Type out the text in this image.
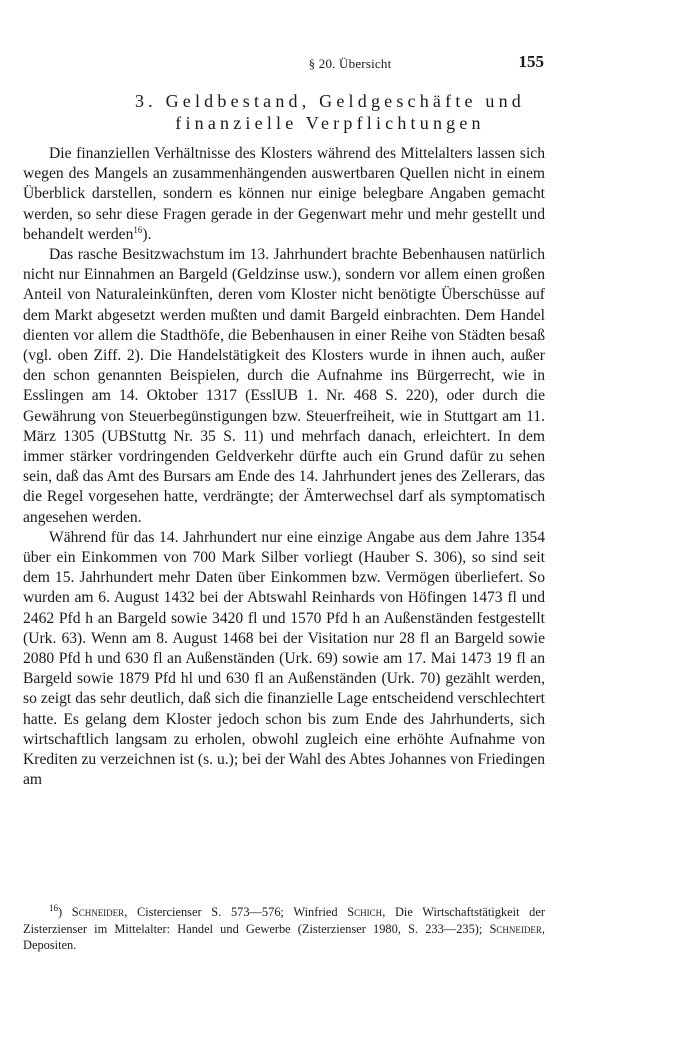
§ 20. Übersicht	155
3. Geldbestand, Geldgeschäfte und
finanzielle Verpflichtungen

Die finanziellen Verhältnisse des Klosters während des Mittelalters lassen sich wegen des Mangels an zusammenhängenden auswertbaren Quellen nicht in einem Überblick darstellen, sondern es können nur einige belegbare Angaben gemacht werden, so sehr diese Fragen gerade in der Gegenwart mehr und mehr gestellt und behandelt werden$^{16}$).

Das rasche Besitzwachstum im 13. Jahrhundert brachte Bebenhausen natürlich nicht nur Einnahmen an Bargeld (Geldzinse usw.), sondern vor allem einen großen Anteil von Naturaleinkünften, deren vom Kloster nicht benötigte Überschüsse auf dem Markt abgesetzt werden mußten und damit Bargeld einbrachten. Dem Handel dienten vor allem die Stadthöfe, die Bebenhausen in einer Reihe von Städten besaß (vgl. oben Ziff. 2). Die Handelstätigkeit des Klosters wurde in ihnen auch, außer den schon genannten Beispielen, durch die Aufnahme ins Bürgerrecht, wie in Esslingen am 14. Oktober 1317 (EsslUB 1. Nr. 468 S. 220), oder durch die Gewährung von Steuerbegünstigungen bzw. Steuerfreiheit, wie in Stuttgart am 11. März 1305 (UBStuttg Nr. 35 S. 11) und mehrfach danach, erleichtert. In dem immer stärker vordringenden Geldverkehr dürfte auch ein Grund dafür zu sehen sein, daß das Amt des Bursars am Ende des 14. Jahrhundert jenes des Zellerars, das die Regel vorgesehen hatte, verdrängte; der Ämterwechsel darf als symptomatisch angesehen werden.

Während für das 14. Jahrhundert nur eine einzige Angabe aus dem Jahre 1354 über ein Einkommen von 700 Mark Silber vorliegt (Hauber S. 306), so sind seit dem 15. Jahrhundert mehr Daten über Einkommen bzw. Vermögen überliefert. So wurden am 6. August 1432 bei der Abtswahl Reinhards von Höfingen 1473 fl und 2462 Pfd h an Bargeld sowie 3420 fl und 1570 Pfd h an Außenständen festgestellt (Urk. 63). Wenn am 8. August 1468 bei der Visitation nur 28 fl an Bargeld sowie 2080 Pfd h und 630 fl an Außenständen (Urk. 69) sowie am 17. Mai 1473 19 fl an Bargeld sowie 1879 Pfd hl und 630 fl an Außenständen (Urk. 70) gezählt werden, so zeigt das sehr deutlich, daß sich die finanzielle Lage entscheidend verschlechtert hatte. Es gelang dem Kloster jedoch schon bis zum Ende des Jahrhunderts, sich wirtschaftlich langsam zu erholen, obwohl zugleich eine erhöhte Aufnahme von Krediten zu verzeichnen ist (s. u.); bei der Wahl des Abtes Johannes von Friedingen am

$^{16}$) Schneider, Cistercienser S. 573—576; Winfried Schich, Die Wirtschaftstätigkeit der Zisterzienser im Mittelalter: Handel und Gewerbe (Zisterzienser 1980, S. 233—235); Schneider, Depositen.
